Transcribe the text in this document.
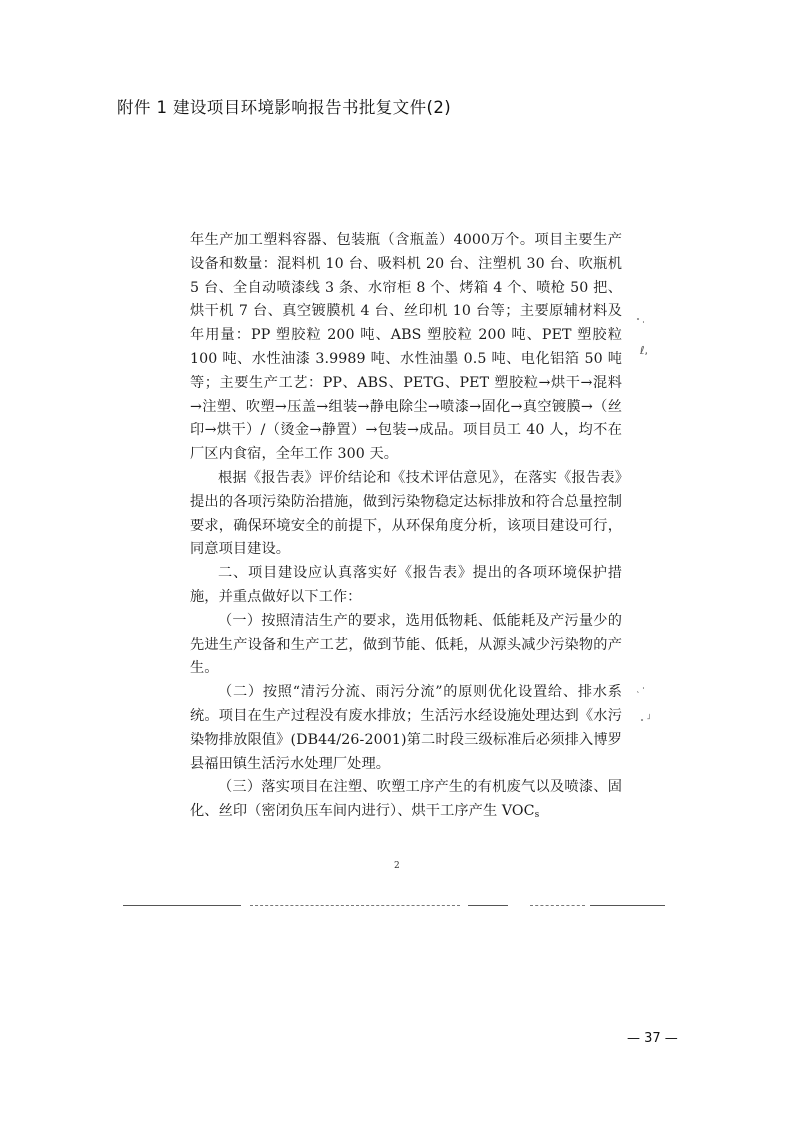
附件 1 建设项目环境影响报告书批复文件(2)

年生产加工塑料容器、包装瓶（含瓶盖）4000万个。项目主要生产设备和数量：混料机 10 台、吸料机 20 台、注塑机 30 台、吹瓶机 5 台、全自动喷漆线 3 条、水帘柜 8 个、烤箱 4 个、喷枪 50 把、烘干机 7 台、真空镀膜机 4 台、丝印机 10 台等；主要原辅材料及年用量：PP 塑胶粒 200 吨、ABS 塑胶粒 200 吨、PET 塑胶粒 100 吨、水性油漆 3.9989 吨、水性油墨 0.5 吨、电化铝箔 50 吨等；主要生产工艺：PP、ABS、PETG、PET 塑胶粒→烘干→混料→注塑、吹塑→压盖→组装→静电除尘→喷漆→固化→真空镀膜→（丝印→烘干）/（烫金→静置）→包装→成品。项目员工 40 人，均不在厂区内食宿，全年工作 300 天。

根据《报告表》评价结论和《技术评估意见》，在落实《报告表》提出的各项污染防治措施，做到污染物稳定达标排放和符合总量控制要求，确保环境安全的前提下，从环保角度分析，该项目建设可行，同意项目建设。

二、项目建设应认真落实好《报告表》提出的各项环境保护措施，并重点做好以下工作：

（一）按照清洁生产的要求，选用低物耗、低能耗及产污量少的先进生产设备和生产工艺，做到节能、低耗，从源头减少污染物的产生。

（二）按照“清污分流、雨污分流”的原则优化设置给、排水系统。项目在生产过程没有废水排放；生活污水经设施处理达到《水污染物排放限值》(DB44/26-2001)第二时段三级标准后必须排入博罗县福田镇生活污水处理厂处理。

（三）落实项目在注塑、吹塑工序产生的有机废气以及喷漆、固化、丝印（密闭负压车间内进行）、烘干工序产生 $VOC_s$

2
˚ ˒
ℓ,
˛ ˒
˳ ˩
— 37 —
